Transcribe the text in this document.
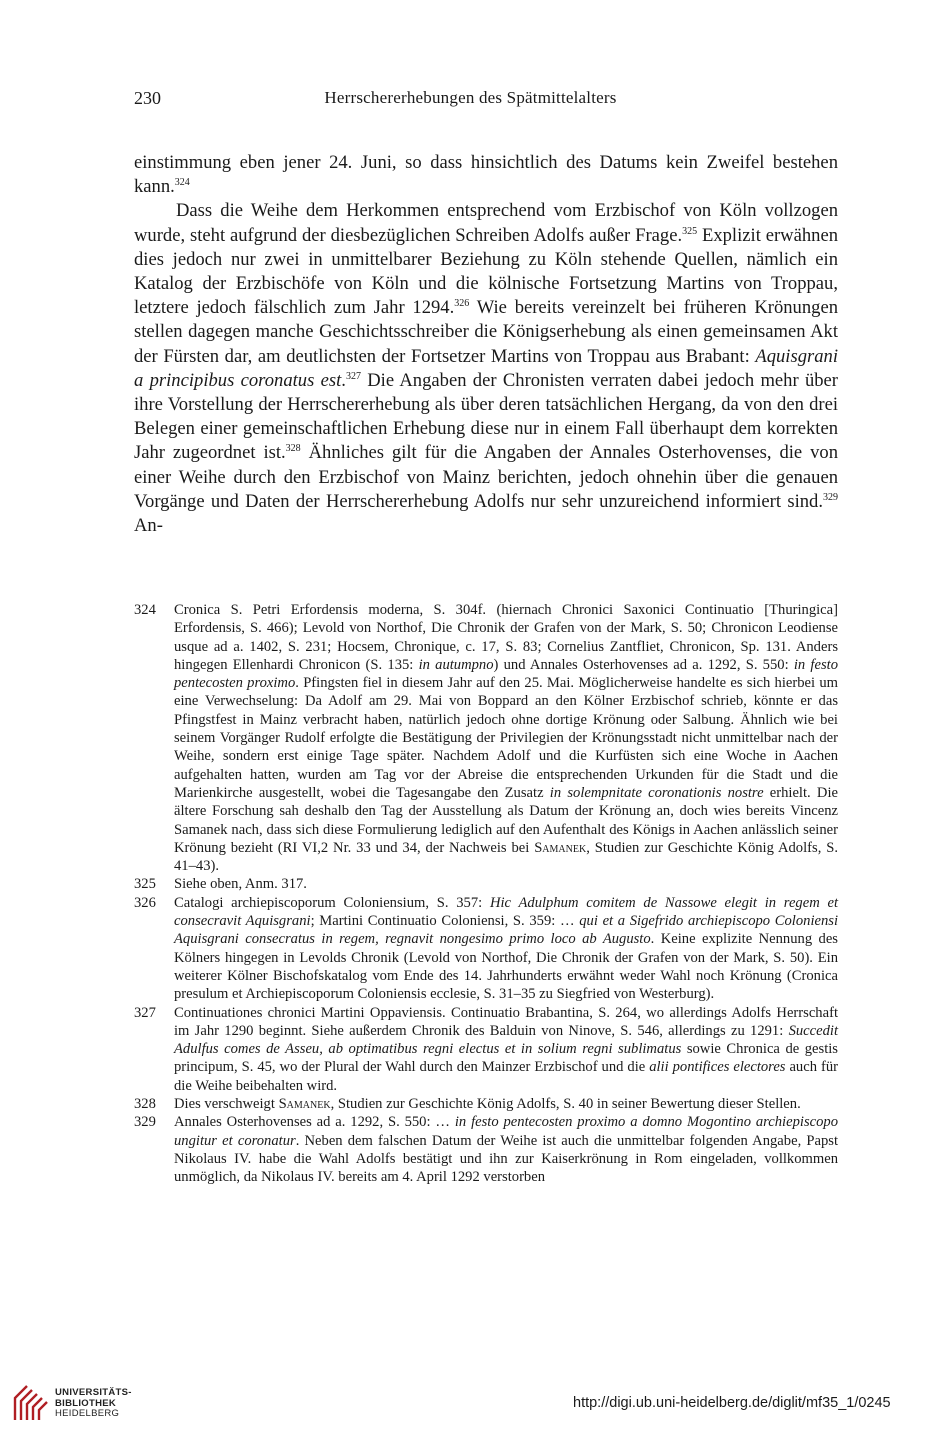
230	Herrschererhebungen des Spätmittelalters

einstimmung eben jener 24. Juni, so dass hinsichtlich des Datums kein Zweifel bestehen kann.$^{324}$

Dass die Weihe dem Herkommen entsprechend vom Erzbischof von Köln vollzogen wurde, steht aufgrund der diesbezüglichen Schreiben Adolfs außer Frage.$^{325}$ Explizit erwähnen dies jedoch nur zwei in unmittelbarer Beziehung zu Köln stehende Quellen, nämlich ein Katalog der Erzbischöfe von Köln und die kölnische Fortsetzung Martins von Troppau, letztere jedoch fälschlich zum Jahr 1294.$^{326}$ Wie bereits vereinzelt bei früheren Krönungen stellen dagegen manche Geschichtsschreiber die Königserhebung als einen gemeinsamen Akt der Fürsten dar, am deutlichsten der Fortsetzer Martins von Troppau aus Brabant: Aquisgrani a principibus coronatus est.$^{327}$ Die Angaben der Chronisten verraten dabei jedoch mehr über ihre Vorstellung der Herrschererhebung als über deren tatsächlichen Hergang, da von den drei Belegen einer gemeinschaftlichen Erhebung diese nur in einem Fall überhaupt dem korrekten Jahr zugeordnet ist.$^{328}$ Ähnliches gilt für die Angaben der Annales Osterhovenses, die von einer Weihe durch den Erzbischof von Mainz berichten, jedoch ohnehin über die genauen Vorgänge und Daten der Herrschererhebung Adolfs nur sehr unzureichend informiert sind.$^{329}$ An-

324 Cronica S. Petri Erfordensis moderna, S. 304f. (hiernach Chronici Saxonici Continuatio [Thuringica] Erfordensis, S. 466); Levold von Northof, Die Chronik der Grafen von der Mark, S. 50; Chronicon Leodiense usque ad a. 1402, S. 231; Hocsem, Chronique, c. 17, S. 83; Cornelius Zantfliet, Chronicon, Sp. 131. Anders hingegen Ellenhardi Chronicon (S. 135: in autumpno) und Annales Osterhovenses ad a. 1292, S. 550: in festo pentecosten proximo. Pfingsten fiel in diesem Jahr auf den 25. Mai. Möglicherweise handelte es sich hierbei um eine Verwechselung: Da Adolf am 29. Mai von Boppard an den Kölner Erzbischof schrieb, könnte er das Pfingstfest in Mainz verbracht haben, natürlich jedoch ohne dortige Krönung oder Salbung. Ähnlich wie bei seinem Vorgänger Rudolf erfolgte die Bestätigung der Privilegien der Krönungsstadt nicht unmittelbar nach der Weihe, sondern erst einige Tage später. Nachdem Adolf und die Kurfüsten sich eine Woche in Aachen aufgehalten hatten, wurden am Tag vor der Abreise die entsprechenden Urkunden für die Stadt und die Marienkirche ausgestellt, wobei die Tagesangabe den Zusatz in solempnitate coronationis nostre erhielt. Die ältere Forschung sah deshalb den Tag der Ausstellung als Datum der Krönung an, doch wies bereits Vincenz Samanek nach, dass sich diese Formulierung lediglich auf den Aufenthalt des Königs in Aachen anlässlich seiner Krönung bezieht (RI VI,2 Nr. 33 und 34, der Nachweis bei Samanek, Studien zur Geschichte König Adolfs, S. 41–43).
325 Siehe oben, Anm. 317.
326 Catalogi archiepiscoporum Coloniensium, S. 357: Hic Adulphum comitem de Nassowe elegit in regem et consecravit Aquisgrani; Martini Continuatio Coloniensi, S. 359: … qui et a Sigefrido archiepiscopo Coloniensi Aquisgrani consecratus in regem, regnavit nongesimo primo loco ab Augusto. Keine explizite Nennung des Kölners hingegen in Levolds Chronik (Levold von Northof, Die Chronik der Grafen von der Mark, S. 50). Ein weiterer Kölner Bischofskatalog vom Ende des 14. Jahrhunderts erwähnt weder Wahl noch Krönung (Cronica presulum et Archiepiscoporum Coloniensis ecclesie, S. 31–35 zu Siegfried von Westerburg).
327 Continuationes chronici Martini Oppaviensis. Continuatio Brabantina, S. 264, wo allerdings Adolfs Herrschaft im Jahr 1290 beginnt. Siehe außerdem Chronik des Balduin von Ninove, S. 546, allerdings zu 1291: Succedit Adulfus comes de Asseu, ab optimatibus regni electus et in solium regni sublimatus sowie Chronica de gestis principum, S. 45, wo der Plural der Wahl durch den Mainzer Erzbischof und die alii pontifices electores auch für die Weihe beibehalten wird.
328 Dies verschweigt Samanek, Studien zur Geschichte König Adolfs, S. 40 in seiner Bewertung dieser Stellen.
329 Annales Osterhovenses ad a. 1292, S. 550: … in festo pentecosten proximo a domno Mogontino archiepiscopo ungitur et coronatur. Neben dem falschen Datum der Weihe ist auch die unmittelbar folgenden Angabe, Papst Nikolaus IV. habe die Wahl Adolfs bestätigt und ihn zur Kaiserkrönung in Rom eingeladen, vollkommen unmöglich, da Nikolaus IV. bereits am 4. April 1292 verstorben
UNIVERSITÄTS-
BIBLIOTHEK
HEIDELBERG
http://digi.ub.uni-heidelberg.de/diglit/mf35_1/0245
